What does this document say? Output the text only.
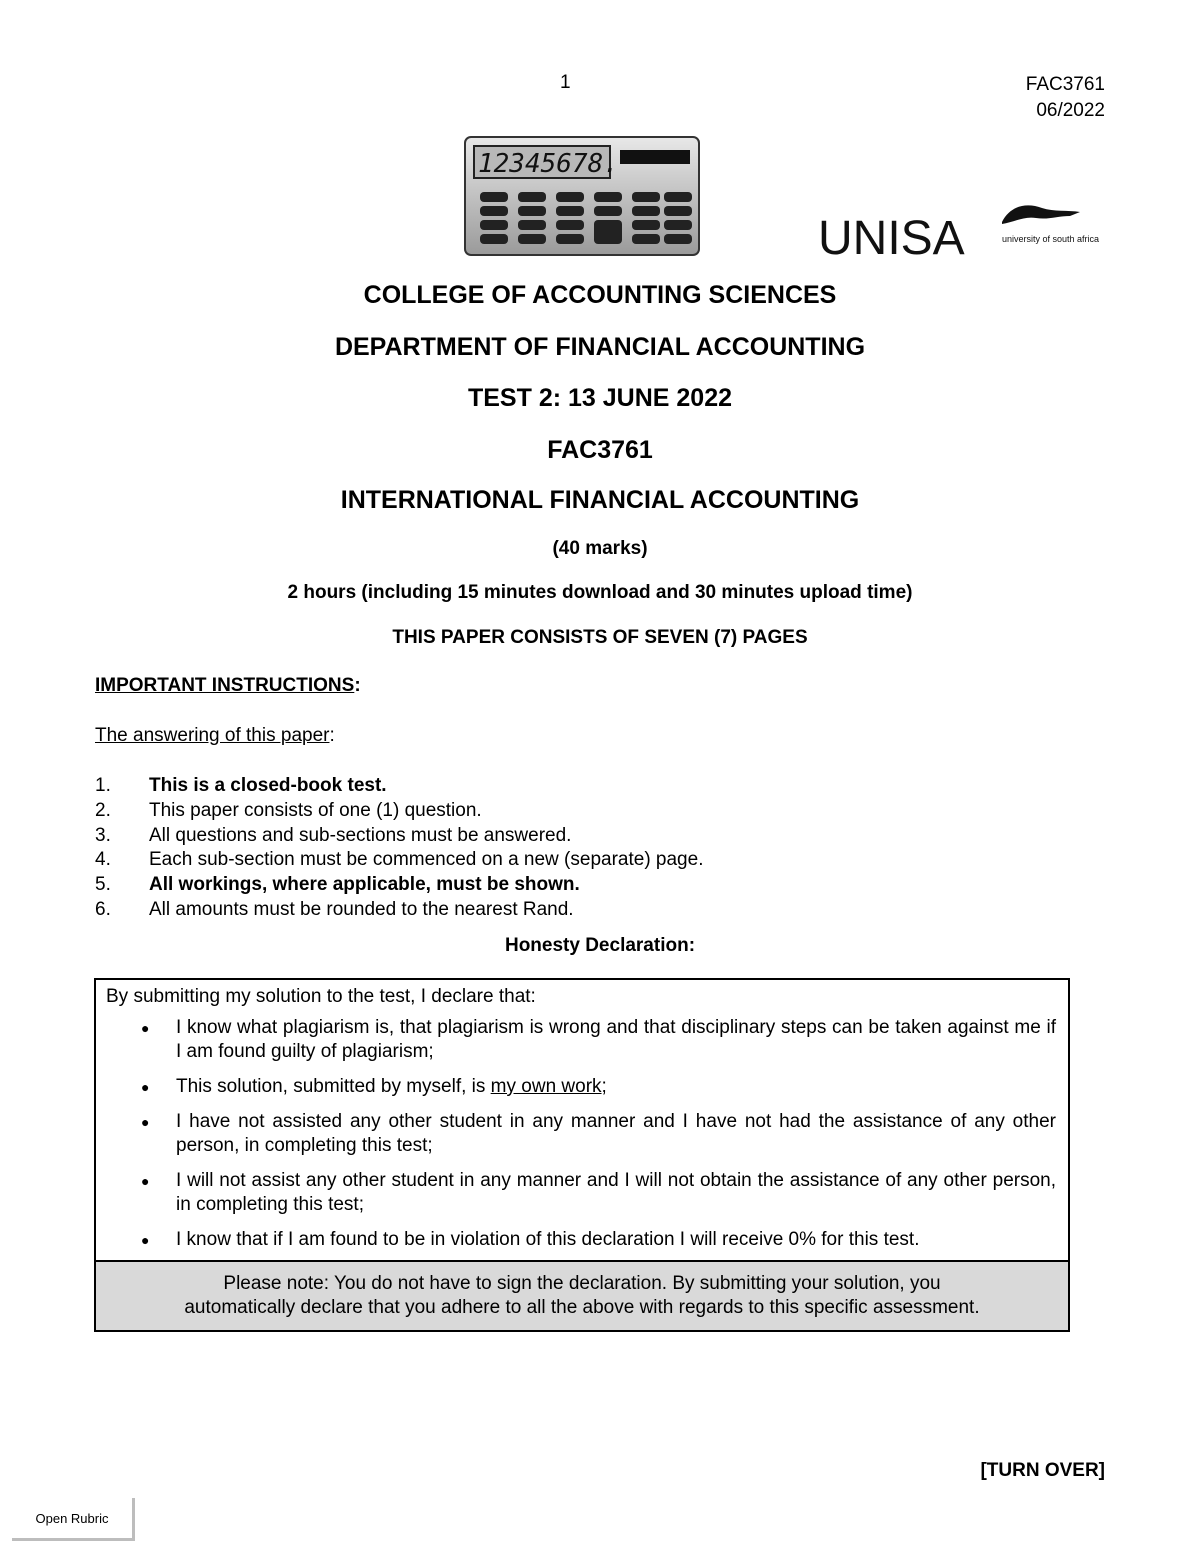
1	FAC3761
06/2022
12345678.
UNISA	university of south africa
COLLEGE OF ACCOUNTING SCIENCES
DEPARTMENT OF FINANCIAL ACCOUNTING
TEST 2: 13 JUNE 2022
FAC3761
INTERNATIONAL FINANCIAL ACCOUNTING
(40 marks)
2 hours (including 15 minutes download and 30 minutes upload time)
THIS PAPER CONSISTS OF SEVEN (7) PAGES
IMPORTANT INSTRUCTIONS:
The answering of this paper:
1.	This is a closed-book test.
2.	This paper consists of one (1) question.
3.	All questions and sub-sections must be answered.
4.	Each sub-section must be commenced on a new (separate) page.
5.	All workings, where applicable, must be shown.
6.	All amounts must be rounded to the nearest Rand.
Honesty Declaration:
By submitting my solution to the test, I declare that:
● I know what plagiarism is, that plagiarism is wrong and that disciplinary steps can be taken against me if I am found guilty of plagiarism;
● This solution, submitted by myself, is my own work;
● I have not assisted any other student in any manner and I have not had the assistance of any other person, in completing this test;
● I will not assist any other student in any manner and I will not obtain the assistance of any other person, in completing this test;
● I know that if I am found to be in violation of this declaration I will receive 0% for this test.
Please note: You do not have to sign the declaration. By submitting your solution, you
automatically declare that you adhere to all the above with regards to this specific assessment.
[TURN OVER]
Open Rubric
